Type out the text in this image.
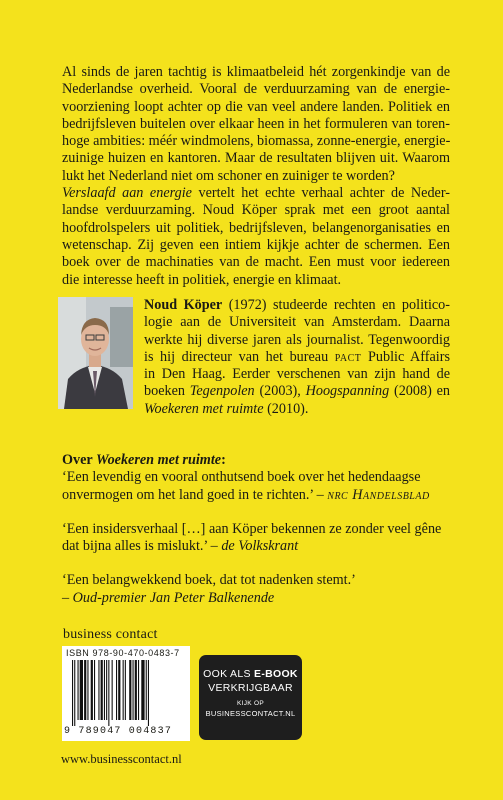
Al sinds de jaren tachtig is klimaatbeleid hét zorgenkindje van de
Nederlandse overheid. Vooral de verduurzaming van de energie-
voorziening loopt achter op die van veel andere landen. Politiek en
bedrijfsleven buitelen over elkaar heen in het formuleren van toren-
hoge ambities: méér windmolens, biomassa, zonne-energie, energie-
zuinige huizen en kantoren. Maar de resultaten blijven uit. Waarom
lukt het Nederland niet om schoner en zuiniger te worden?
Verslaafd aan energie vertelt het echte verhaal achter de Neder-
landse verduurzaming. Noud Köper sprak met een groot aantal
hoofdrolspelers uit politiek, bedrijfsleven, belangenorganisaties en
wetenschap. Zij geven een intiem kijkje achter de schermen. Een
boek over de machinaties van de macht. Een must voor iedereen
die interesse heeft in politiek, energie en klimaat.
Noud Köper (1972) studeerde rechten en politico-
logie aan de Universiteit van Amsterdam. Daarna
werkte hij diverse jaren als journalist. Tegenwoordig
is hij directeur van het bureau pact Public Affairs
in Den Haag. Eerder verschenen van zijn hand de
boeken Tegenpolen (2003), Hoogspanning (2008) en
Woekeren met ruimte (2010).
Over Woekeren met ruimte:
‘Een levendig en vooral onthutsend boek over het hedendaagse
onvermogen om het land goed in te richten.’ – nrc Handelsblad
‘Een insidersverhaal […] aan Köper bekennen ze zonder veel gêne
dat bijna alles is mislukt.’ – de Volkskrant
‘Een belangwekkend boek, dat tot nadenken stemt.’
– Oud-premier Jan Peter Balkenende
business contact
ISBN 978-90-470-0483-7
9 789047 004837
OOK ALS E-BOOK
VERKRIJGBAAR
KIJK OP
BUSINESSCONTACT.NL
www.businesscontact.nl
